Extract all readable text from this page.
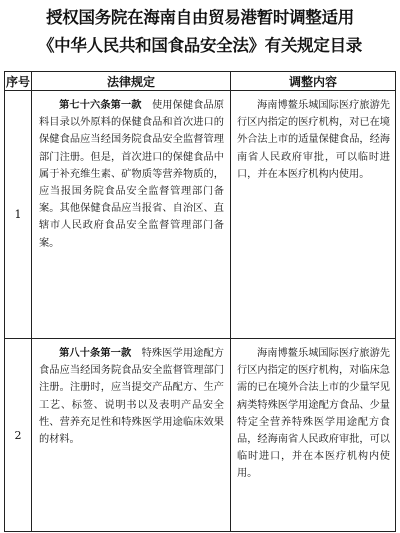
授权国务院在海南自由贸易港暂时调整适用
《中华人民共和国食品安全法》有关规定目录
序号	法律规定	调整内容
1	第七十六条第一款　 使用保健食品原料目录以外原料的保健食品和首次进口的保健食品应当经国务院食品安全监督管理部门注册。但是，首次进口的保健食品中属于补充维生素、矿物质等营养物质的，应当报国务院食品安全监督管理部门备案。其他保健食品应当报省、自治区、直辖市人民政府食品安全监督管理部门备案。	海南博鳌乐城国际医疗旅游先行区内指定的医疗机构，对已在境外合法上市的适量保健食品，经海南省人民政府审批，可以临时进口，并在本医疗机构内使用。

2	第八十条第一款　 特殊医学用途配方食品应当经国务院食品安全监督管理部门注册。注册时，应当提交产品配方、生产工艺、标签、说明书以及表明产品安全性、营养充足性和特殊医学用途临床效果的材料。	海南博鳌乐城国际医疗旅游先行区内指定的医疗机构，对临床急需的已在境外合法上市的少量罕见病类特殊医学用途配方食品、少量特定全营养特殊医学用途配方食品，经海南省人民政府审批，可以临时进口，并在本医疗机构内使用。
